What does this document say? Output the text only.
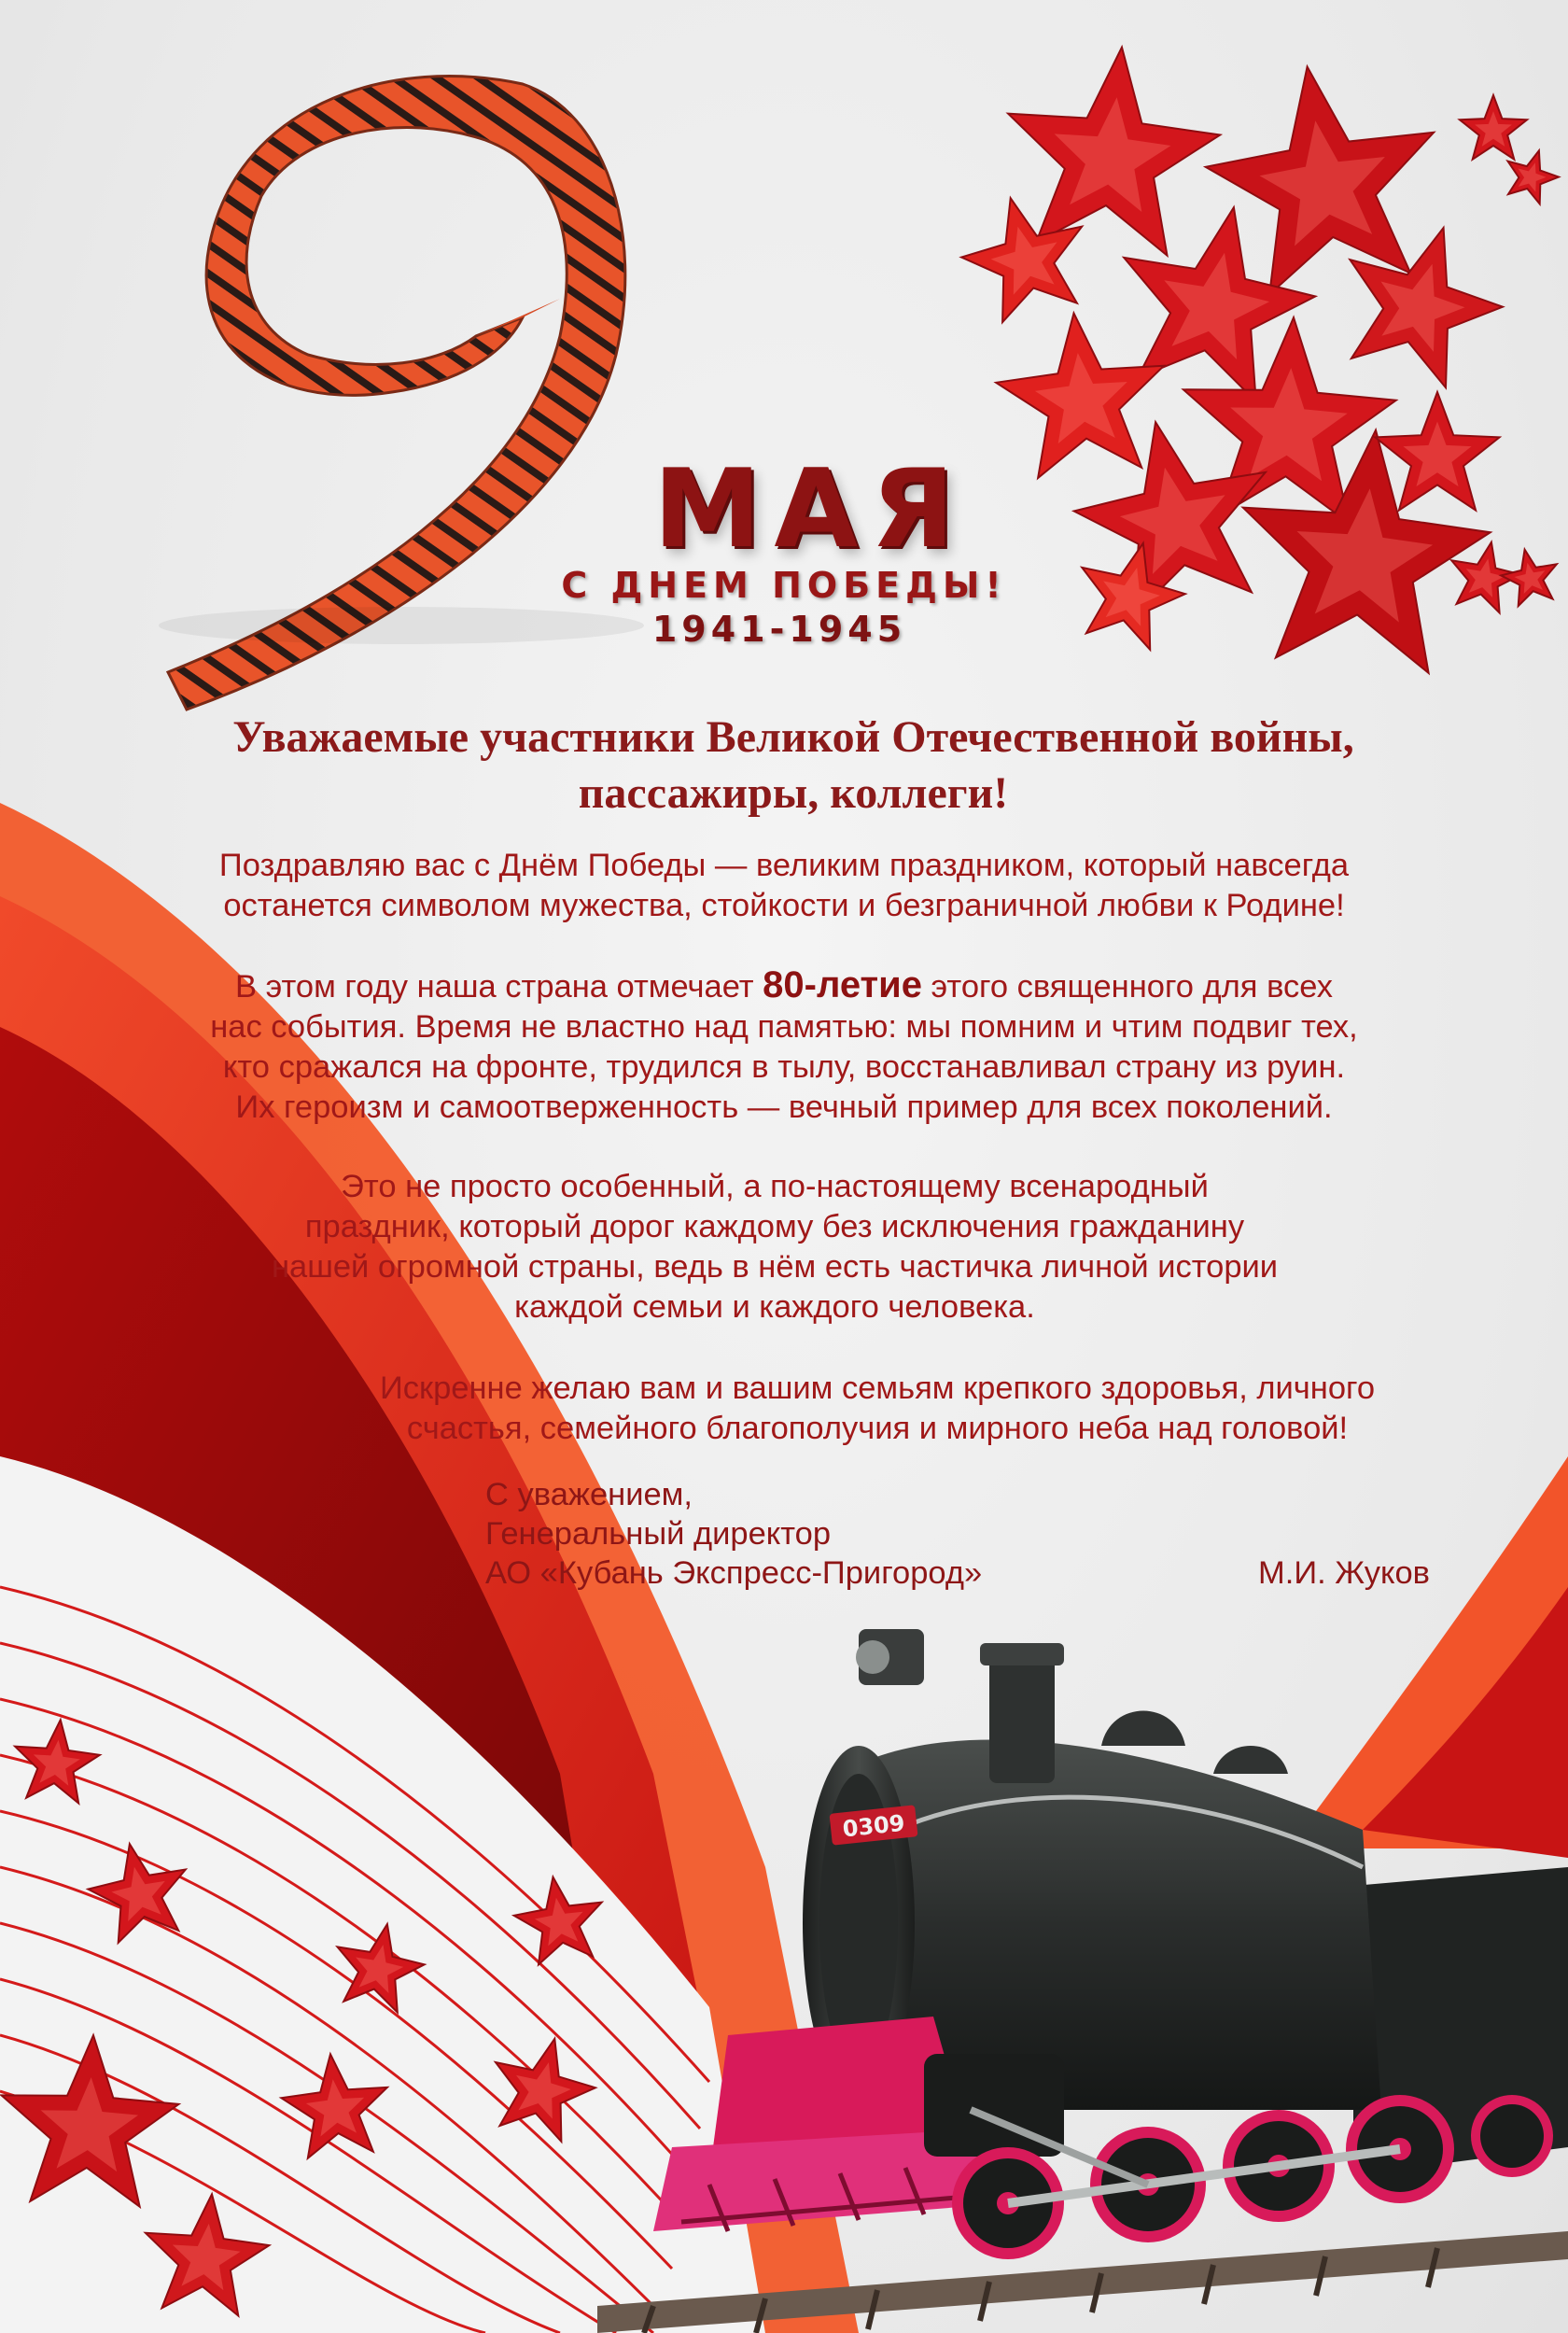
МАЯ
С ДНЕМ ПОБЕДЫ!
1941-1945
Уважаемые участники Великой Отечественной войны,
пассажиры, коллеги!
Поздравляю вас с Днём Победы — великим праздником, который навсегда
останется символом мужества, стойкости и безграничной любви к Родине!
В этом году наша страна отмечает 80-летие этого священного для всех
нас события. Время не властно над памятью: мы помним и чтим подвиг тех,
кто сражался на фронте, трудился в тылу, восстанавливал страну из руин.
Их героизм и самоотверженность — вечный пример для всех поколений.
Это не просто особенный, а по-настоящему всенародный
праздник, который дорог каждому без исключения гражданину
нашей огромной страны, ведь в нём есть частичка личной истории
каждой семьи и каждого человека.
Искренне желаю вам и вашим семьям крепкого здоровья, личного
счастья, семейного благополучия и мирного неба над головой!
С уважением,
Генеральный директор
АО «Кубань Экспресс-Пригород»	М.И. Жуков
0309
